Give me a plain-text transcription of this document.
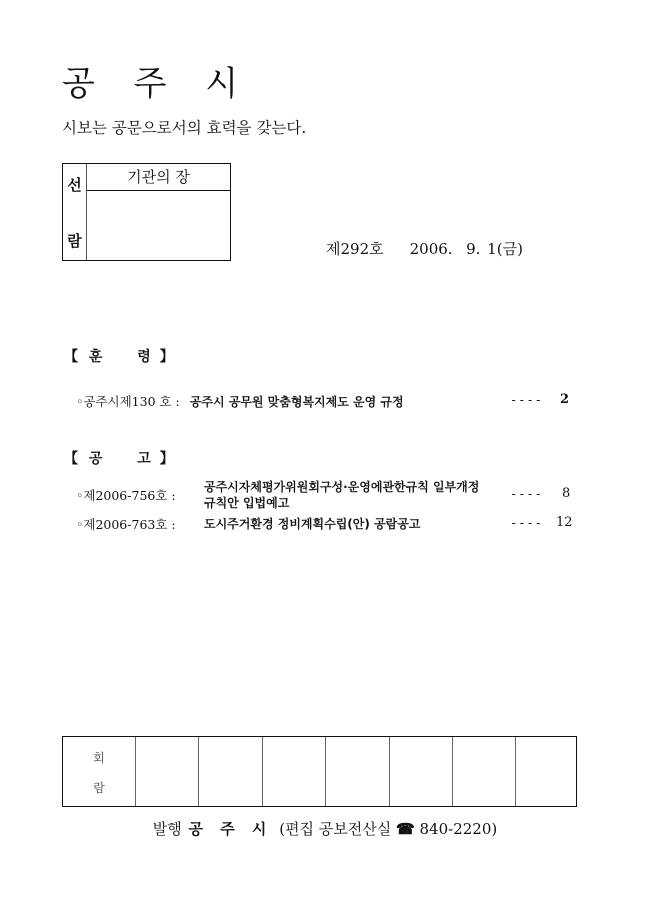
공 주 시
시보는 공문으로서의 효력을 갖는다.
선
람
기관의 장
제292호 2006.  9. 1(금)
【 훈 령 】
◦공주시제130 호 : 공주시 공무원 맞춤형복지제도 운영 규정	---- 2
【 공 고 】
◦제2006-756호 :
공주시자체평가위원회구성·운영에관한규칙 일부개정
규칙안 입법예고
---- 8
◦제2006-763호 : 도시주거환경 정비계획수립(안) 공람공고	---- 12
회
람
발행 공 주 시 (편집 공보전산실 ☎ 840-2220)
